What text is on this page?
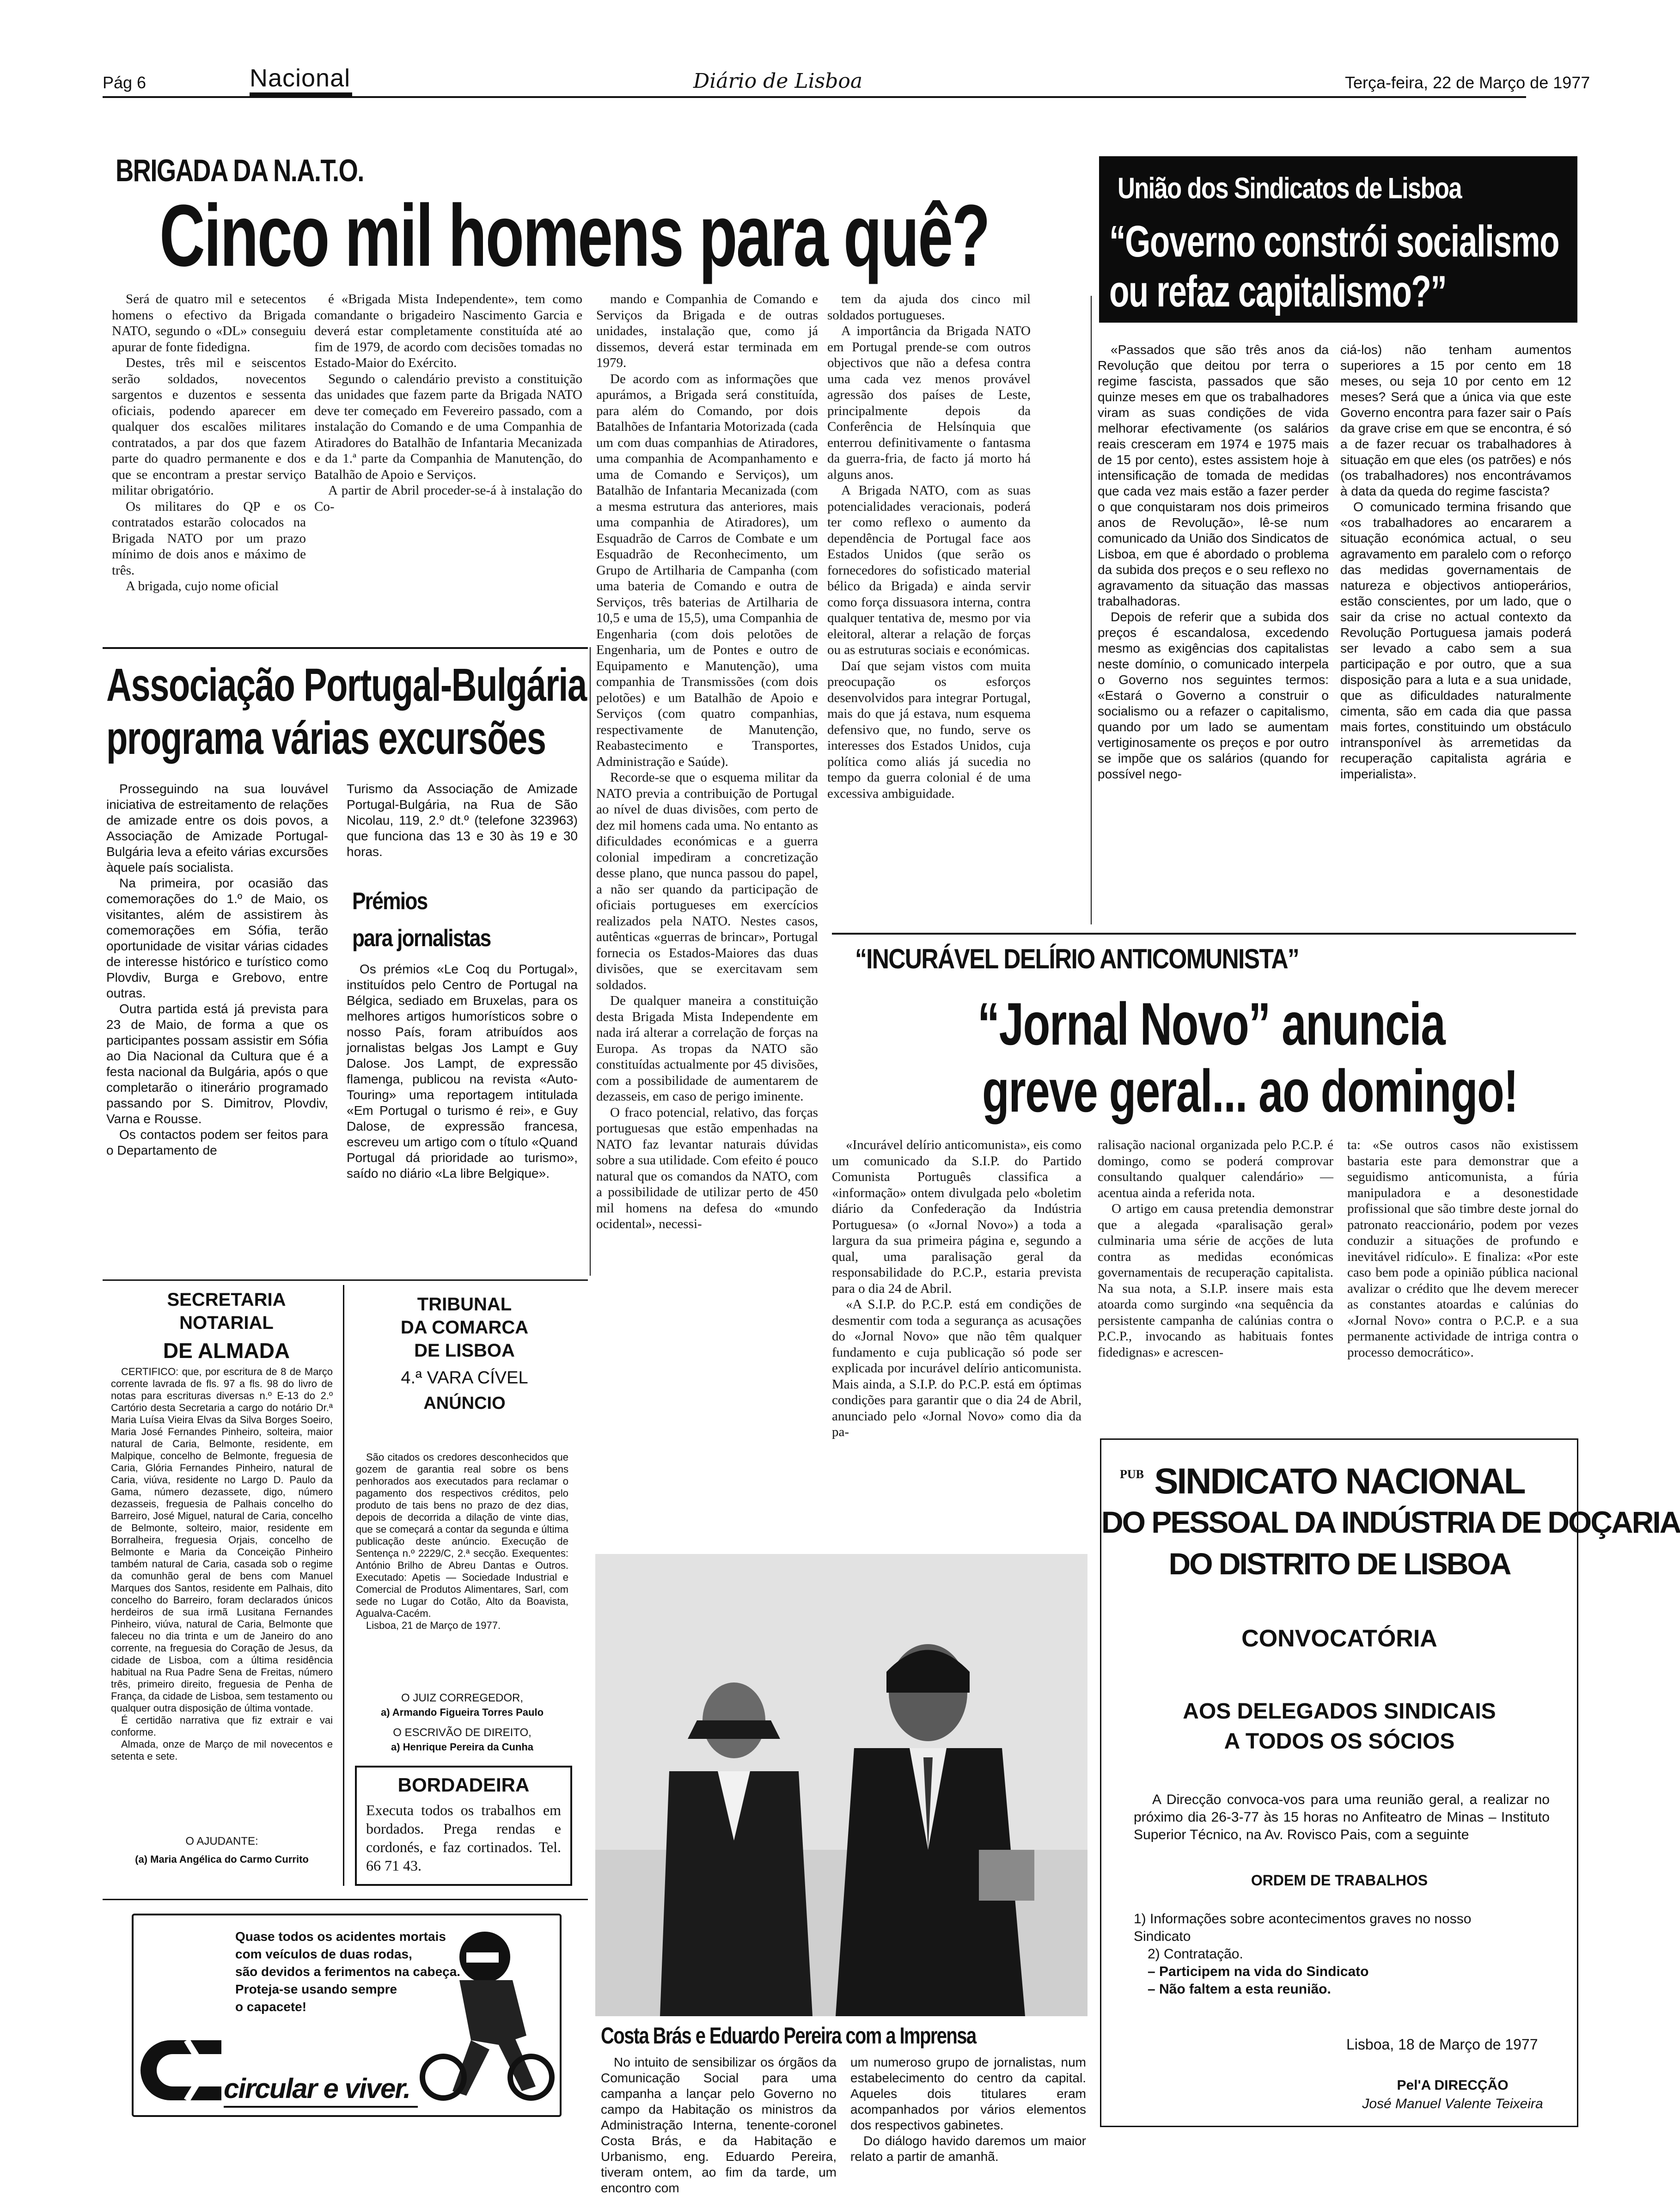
Pág 6	Nacional	Diário de Lisboa	Terça-feira, 22 de Março de 1977
BRIGADA DA N.A.T.O.
Cinco mil homens para quê?

Será de quatro mil e setecentos homens o efectivo da Brigada NATO, segundo o «DL» conseguiu apurar de fonte fidedigna.

Destes, três mil e seiscentos serão soldados, novecentos sargentos e duzentos e sessenta oficiais, podendo aparecer em qualquer dos escalões militares contratados, a par dos que fazem parte do quadro permanente e dos que se encontram a prestar serviço militar obrigatório.

Os militares do QP e os contratados estarão colocados na Brigada NATO por um prazo mínimo de dois anos e máximo de três.

A brigada, cujo nome oficial

é «Brigada Mista Independente», tem como comandante o brigadeiro Nascimento Garcia e deverá estar completamente constituída até ao fim de 1979, de acordo com decisões tomadas no Estado-Maior do Exército.

Segundo o calendário previsto a constituição das unidades que fazem parte da Brigada NATO deve ter começado em Fevereiro passado, com a instalação do Comando e de uma Companhia de Atiradores do Batalhão de Infantaria Mecanizada e da 1.ª parte da Companhia de Manutenção, do Batalhão de Apoio e Serviços.

A partir de Abril proceder-se-á à instalação do Co-

mando e Companhia de Comando e Serviços da Brigada e de outras unidades, instalação que, como já dissemos, deverá estar terminada em 1979.

De acordo com as informações que apurámos, a Brigada será constituída, para além do Comando, por dois Batalhões de Infantaria Motorizada (cada um com duas companhias de Atiradores, uma companhia de Acompanhamento e uma de Comando e Serviços), um Batalhão de Infantaria Mecanizada (com a mesma estrutura das anteriores, mais uma companhia de Atiradores), um Esquadrão de Carros de Combate e um Esquadrão de Reconhecimento, um Grupo de Artilharia de Campanha (com uma bateria de Comando e outra de Serviços, três baterias de Artilharia de 10,5 e uma de 15,5), uma Companhia de Engenharia (com dois pelotões de Engenharia, um de Pontes e outro de Equipamento e Manutenção), uma companhia de Transmissões (com dois pelotões) e um Batalhão de Apoio e Serviços (com quatro companhias, respectivamente de Manutenção, Reabastecimento e Transportes, Administração e Saúde).

Recorde-se que o esquema militar da NATO previa a contribuição de Portugal ao nível de duas divisões, com perto de dez mil homens cada uma. No entanto as dificuldades económicas e a guerra colonial impediram a concretização desse plano, que nunca passou do papel, a não ser quando da participação de oficiais portugueses em exercícios realizados pela NATO. Nestes casos, autênticas «guerras de brincar», Portugal fornecia os Estados-Maiores das duas divisões, que se exercitavam sem soldados.

De qualquer maneira a constituição desta Brigada Mista Independente em nada irá alterar a correlação de forças na Europa. As tropas da NATO são constituídas actualmente por 45 divisões, com a possibilidade de aumentarem de dezasseis, em caso de perigo iminente.

O fraco potencial, relativo, das forças portuguesas que estão empenhadas na NATO faz levantar naturais dúvidas sobre a sua utilidade. Com efeito é pouco natural que os comandos da NATO, com a possibilidade de utilizar perto de 450 mil homens na defesa do «mundo ocidental», necessi-

tem da ajuda dos cinco mil soldados portugueses.

A importância da Brigada NATO em Portugal prende-se com outros objectivos que não a defesa contra uma cada vez menos provável agressão dos países de Leste, principalmente depois da Conferência de Helsínquia que enterrou definitivamente o fantasma da guerra-fria, de facto já morto há alguns anos.

A Brigada NATO, com as suas potencialidades veracionais, poderá ter como reflexo o aumento da dependência de Portugal face aos Estados Unidos (que serão os fornecedores do sofisticado material bélico da Brigada) e ainda servir como força dissuasora interna, contra qualquer tentativa de, mesmo por via eleitoral, alterar a relação de forças ou as estruturas sociais e económicas.

Daí que sejam vistos com muita preocupação os esforços desenvolvidos para integrar Portugal, mais do que já estava, num esquema defensivo que, no fundo, serve os interesses dos Estados Unidos, cuja política como aliás já sucedia no tempo da guerra colonial é de uma excessiva ambiguidade.

Associação Portugal-Bulgária
programa várias excursões

Prosseguindo na sua louvável iniciativa de estreitamento de relações de amizade entre os dois povos, a Associação de Amizade Portugal-Bulgária leva a efeito várias excursões àquele país socialista.

Na primeira, por ocasião das comemorações do 1.º de Maio, os visitantes, além de assistirem às comemorações em Sófia, terão oportunidade de visitar várias cidades de interesse histórico e turístico como Plovdiv, Burga e Grebovo, entre outras.

Outra partida está já prevista para 23 de Maio, de forma a que os participantes possam assistir em Sófia ao Dia Nacional da Cultura que é a festa nacional da Bulgária, após o que completarão o itinerário programado passando por S. Dimitrov, Plovdiv, Varna e Rousse.

Os contactos podem ser feitos para o Departamento de

Turismo da Associação de Amizade Portugal-Bulgária, na Rua de São Nicolau, 119, 2.º dt.º (telefone 323963) que funciona das 13 e 30 às 19 e 30 horas.

Prémios
para jornalistas

Os prémios «Le Coq du Portugal», instituídos pelo Centro de Portugal na Bélgica, sediado em Bruxelas, para os melhores artigos humorísticos sobre o nosso País, foram atribuídos aos jornalistas belgas Jos Lampt e Guy Dalose. Jos Lampt, de expressão flamenga, publicou na revista «Auto-Touring» uma reportagem intitulada «Em Portugal o turismo é rei», e Guy Dalose, de expressão francesa, escreveu um artigo com o título «Quand Portugal dá prioridade ao turismo», saído no diário «La libre Belgique».

SECRETARIA
NOTARIAL
DE ALMADA

CERTIFICO: que, por escritura de 8 de Março corrente lavrada de fls. 97 a fls. 98 do livro de notas para escrituras diversas n.º E-13 do 2.º Cartório desta Secretaria a cargo do notário Dr.ª Maria Luísa Vieira Elvas da Silva Borges Soeiro, Maria José Fernandes Pinheiro, solteira, maior natural de Caria, Belmonte, residente, em Malpique, concelho de Belmonte, freguesia de Caria, Glória Fernandes Pinheiro, natural de Caria, viúva, residente no Largo D. Paulo da Gama, número dezassete, digo, número dezasseis, freguesia de Palhais concelho do Barreiro, José Miguel, natural de Caria, concelho de Belmonte, solteiro, maior, residente em Borralheira, freguesia Orjais, concelho de Belmonte e Maria da Conceição Pinheiro também natural de Caria, casada sob o regime da comunhão geral de bens com Manuel Marques dos Santos, residente em Palhais, dito concelho do Barreiro, foram declarados únicos herdeiros de sua irmã Lusitana Fernandes Pinheiro, viúva, natural de Caria, Belmonte que faleceu no dia trinta e um de Janeiro do ano corrente, na freguesia do Coração de Jesus, da cidade de Lisboa, com a última residência habitual na Rua Padre Sena de Freitas, número três, primeiro direito, freguesia de Penha de França, da cidade de Lisboa, sem testamento ou qualquer outra disposição de última vontade.

É certidão narrativa que fiz extrair e vai conforme.

Almada, onze de Março de mil novecentos e setenta e sete.

O AJUDANTE:
(a) Maria Angélica do Carmo Currito
TRIBUNAL
DA COMARCA
DE LISBOA
4.ª VARA CÍVEL
ANÚNCIO

São citados os credores desconhecidos que gozem de garantia real sobre os bens penhorados aos executados para reclamar o pagamento dos respectivos créditos, pelo produto de tais bens no prazo de dez dias, depois de decorrida a dilação de vinte dias, que se começará a contar da segunda e última publicação deste anúncio. Execução de Sentença n.º 2229/C, 2.ª secção. Exequentes: António Brilho de Abreu Dantas e Outros. Executado: Apetis — Sociedade Industrial e Comercial de Produtos Alimentares, Sarl, com sede no Lugar do Cotão, Alto da Boavista, Agualva-Cacém.

Lisboa, 21 de Março de 1977.

O JUIZ CORREGEDOR,
a) Armando Figueira Torres Paulo
O ESCRIVÃO DE DIREITO,
a) Henrique Pereira da Cunha
BORDADEIRA
Executa todos os trabalhos em bordados. Prega rendas e cordonés, e faz cortinados. Tel. 66 71 43.
Quase todos os acidentes mortais
com veículos de duas rodas,
são devidos a ferimentos na cabeça.
Proteja-se usando sempre
o capacete!
circular e viver.
União dos Sindicatos de Lisboa
“Governo constrói socialismo
ou refaz capitalismo?”

«Passados que são três anos da Revolução que deitou por terra o regime fascista, passados que são quinze meses em que os trabalhadores viram as suas condições de vida melhorar efectivamente (os salários reais cresceram em 1974 e 1975 mais de 15 por cento), estes assistem hoje à intensificação de tomada de medidas que cada vez mais estão a fazer perder o que conquistaram nos dois primeiros anos de Revolução», lê-se num comunicado da União dos Sindicatos de Lisboa, em que é abordado o problema da subida dos preços e o seu reflexo no agravamento da situação das massas trabalhadoras.

Depois de referir que a subida dos preços é escandalosa, excedendo mesmo as exigências dos capitalistas neste domínio, o comunicado interpela o Governo nos seguintes termos: «Estará o Governo a construir o socialismo ou a refazer o capitalismo, quando por um lado se aumentam vertiginosamente os preços e por outro se impõe que os salários (quando for possível nego-

ciá-los) não tenham aumentos superiores a 15 por cento em 18 meses, ou seja 10 por cento em 12 meses? Será que a única via que este Governo encontra para fazer sair o País da grave crise em que se encontra, é só a de fazer recuar os trabalhadores à situação em que eles (os patrões) e nós (os trabalhadores) nos encontrávamos à data da queda do regime fascista?

O comunicado termina frisando que «os trabalhadores ao encararem a situação económica actual, o seu agravamento em paralelo com o reforço das medidas governamentais de natureza e objectivos antioperários, estão conscientes, por um lado, que o sair da crise no actual contexto da Revolução Portuguesa jamais poderá ser levado a cabo sem a sua participação e por outro, que a sua disposição para a luta e a sua unidade, que as dificuldades naturalmente cimenta, são em cada dia que passa mais fortes, constituindo um obstáculo intransponível às arremetidas da recuperação capitalista agrária e imperialista».

“INCURÁVEL DELÍRIO ANTICOMUNISTA”
“Jornal Novo” anuncia
greve geral... ao domingo!

«Incurável delírio anticomunista», eis como um comunicado da S.I.P. do Partido Comunista Português classifica a «informação» ontem divulgada pelo «boletim diário da Confederação da Indústria Portuguesa» (o «Jornal Novo») a toda a largura da sua primeira página e, segundo a qual, uma paralisação geral da responsabilidade do P.C.P., estaria prevista para o dia 24 de Abril.

«A S.I.P. do P.C.P. está em condições de desmentir com toda a segurança as acusações do «Jornal Novo» que não têm qualquer fundamento e cuja publicação só pode ser explicada por incurável delírio anticomunista. Mais ainda, a S.I.P. do P.C.P. está em óptimas condições para garantir que o dia 24 de Abril, anunciado pelo «Jornal Novo» como dia da pa-

ralisação nacional organizada pelo P.C.P. é domingo, como se poderá comprovar consultando qualquer calendário» — acentua ainda a referida nota.

O artigo em causa pretendia demonstrar que a alegada «paralisação geral» culminaria uma série de acções de luta contra as medidas económicas governamentais de recuperação capitalista. Na sua nota, a S.I.P. insere mais esta atoarda como surgindo «na sequência da persistente campanha de calúnias contra o P.C.P., invocando as habituais fontes fidedignas» e acrescen-

ta: «Se outros casos não existissem bastaria este para demonstrar que a seguidismo anticomunista, a fúria manipuladora e a desonestidade profissional que são timbre deste jornal do patronato reaccionário, podem por vezes conduzir a situações de profundo e inevitável ridículo». E finaliza: «Por este caso bem pode a opinião pública nacional avalizar o crédito que lhe devem merecer as constantes atoardas e calúnias do «Jornal Novo» contra o P.C.P. e a sua permanente actividade de intriga contra o processo democrático».

Costa Brás e Eduardo Pereira com a Imprensa

No intuito de sensibilizar os órgãos da Comunicação Social para uma campanha a lançar pelo Governo no campo da Habitação os ministros da Administração Interna, tenente-coronel Costa Brás, e da Habitação e Urbanismo, eng. Eduardo Pereira, tiveram ontem, ao fim da tarde, um encontro com

um numeroso grupo de jornalistas, num estabelecimento do centro da capital. Aqueles dois titulares eram acompanhados por vários elementos dos respectivos gabinetes.

Do diálogo havido daremos um maior relato a partir de amanhã.

PUB SINDICATO NACIONAL
DO PESSOAL DA INDÚSTRIA DE DOÇARIA
DO DISTRITO DE LISBOA
CONVOCATÓRIA
AOS DELEGADOS SINDICAIS
A TODOS OS SÓCIOS
A Direcção convoca-vos para uma reunião geral, a realizar no próximo dia 26-3-77 às 15 horas no Anfiteatro de Minas – Instituto Superior Técnico, na Av. Rovisco Pais, com a seguinte
ORDEM DE TRABALHOS
1) Informações sobre acontecimentos graves no nosso
Sindicato
2) Contratação.
– Participem na vida do Sindicato
– Não faltem a esta reunião.
Lisboa, 18 de Março de 1977
Pel'A DIRECÇÃO
José Manuel Valente Teixeira
